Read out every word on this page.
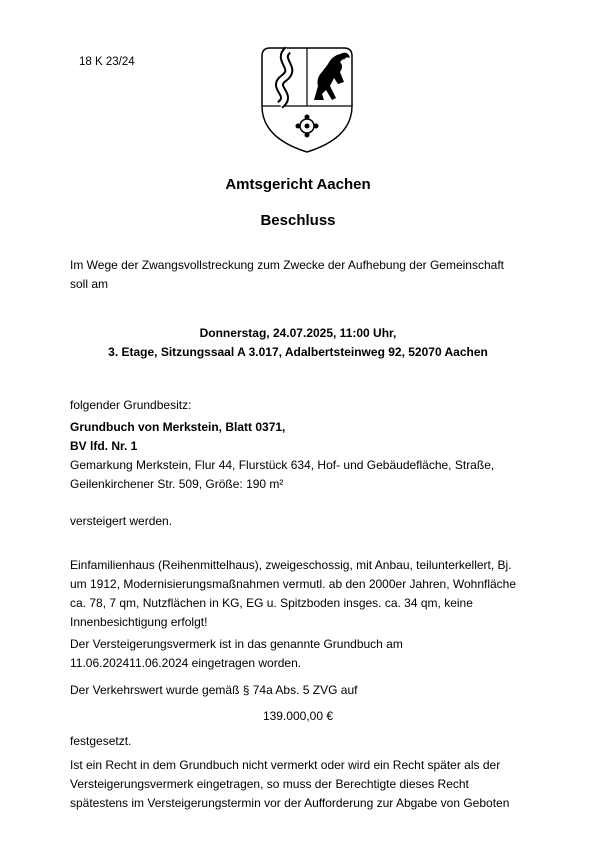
18 K 23/24
Amtsgericht Aachen
Beschluss
Im Wege der Zwangsvollstreckung zum Zwecke der Aufhebung der Gemeinschaft
soll am
Donnerstag, 24.07.2025, 11:00 Uhr,
3. Etage, Sitzungssaal A 3.017, Adalbertsteinweg 92, 52070 Aachen
folgender Grundbesitz:
Grundbuch von Merkstein, Blatt 0371,
BV lfd. Nr. 1
Gemarkung Merkstein, Flur 44, Flurstück 634, Hof- und Gebäudefläche, Straße,
Geilenkirchener Str. 509, Größe: 190 m²
versteigert werden.
Einfamilienhaus (Reihenmittelhaus), zweigeschossig, mit Anbau, teilunterkellert, Bj.
um 1912, Modernisierungsmaßnahmen vermutl. ab den 2000er Jahren, Wohnfläche
ca. 78, 7 qm, Nutzflächen in KG, EG u. Spitzboden insges. ca. 34 qm, keine
Innenbesichtigung erfolgt!
Der Versteigerungsvermerk ist in das genannte Grundbuch am
11.06.202411.06.2024 eingetragen worden.
Der Verkehrswert wurde gemäß § 74a Abs. 5 ZVG auf
139.000,00 €
festgesetzt.
Ist ein Recht in dem Grundbuch nicht vermerkt oder wird ein Recht später als der
Versteigerungsvermerk eingetragen, so muss der Berechtigte dieses Recht
spätestens im Versteigerungstermin vor der Aufforderung zur Abgabe von Geboten
